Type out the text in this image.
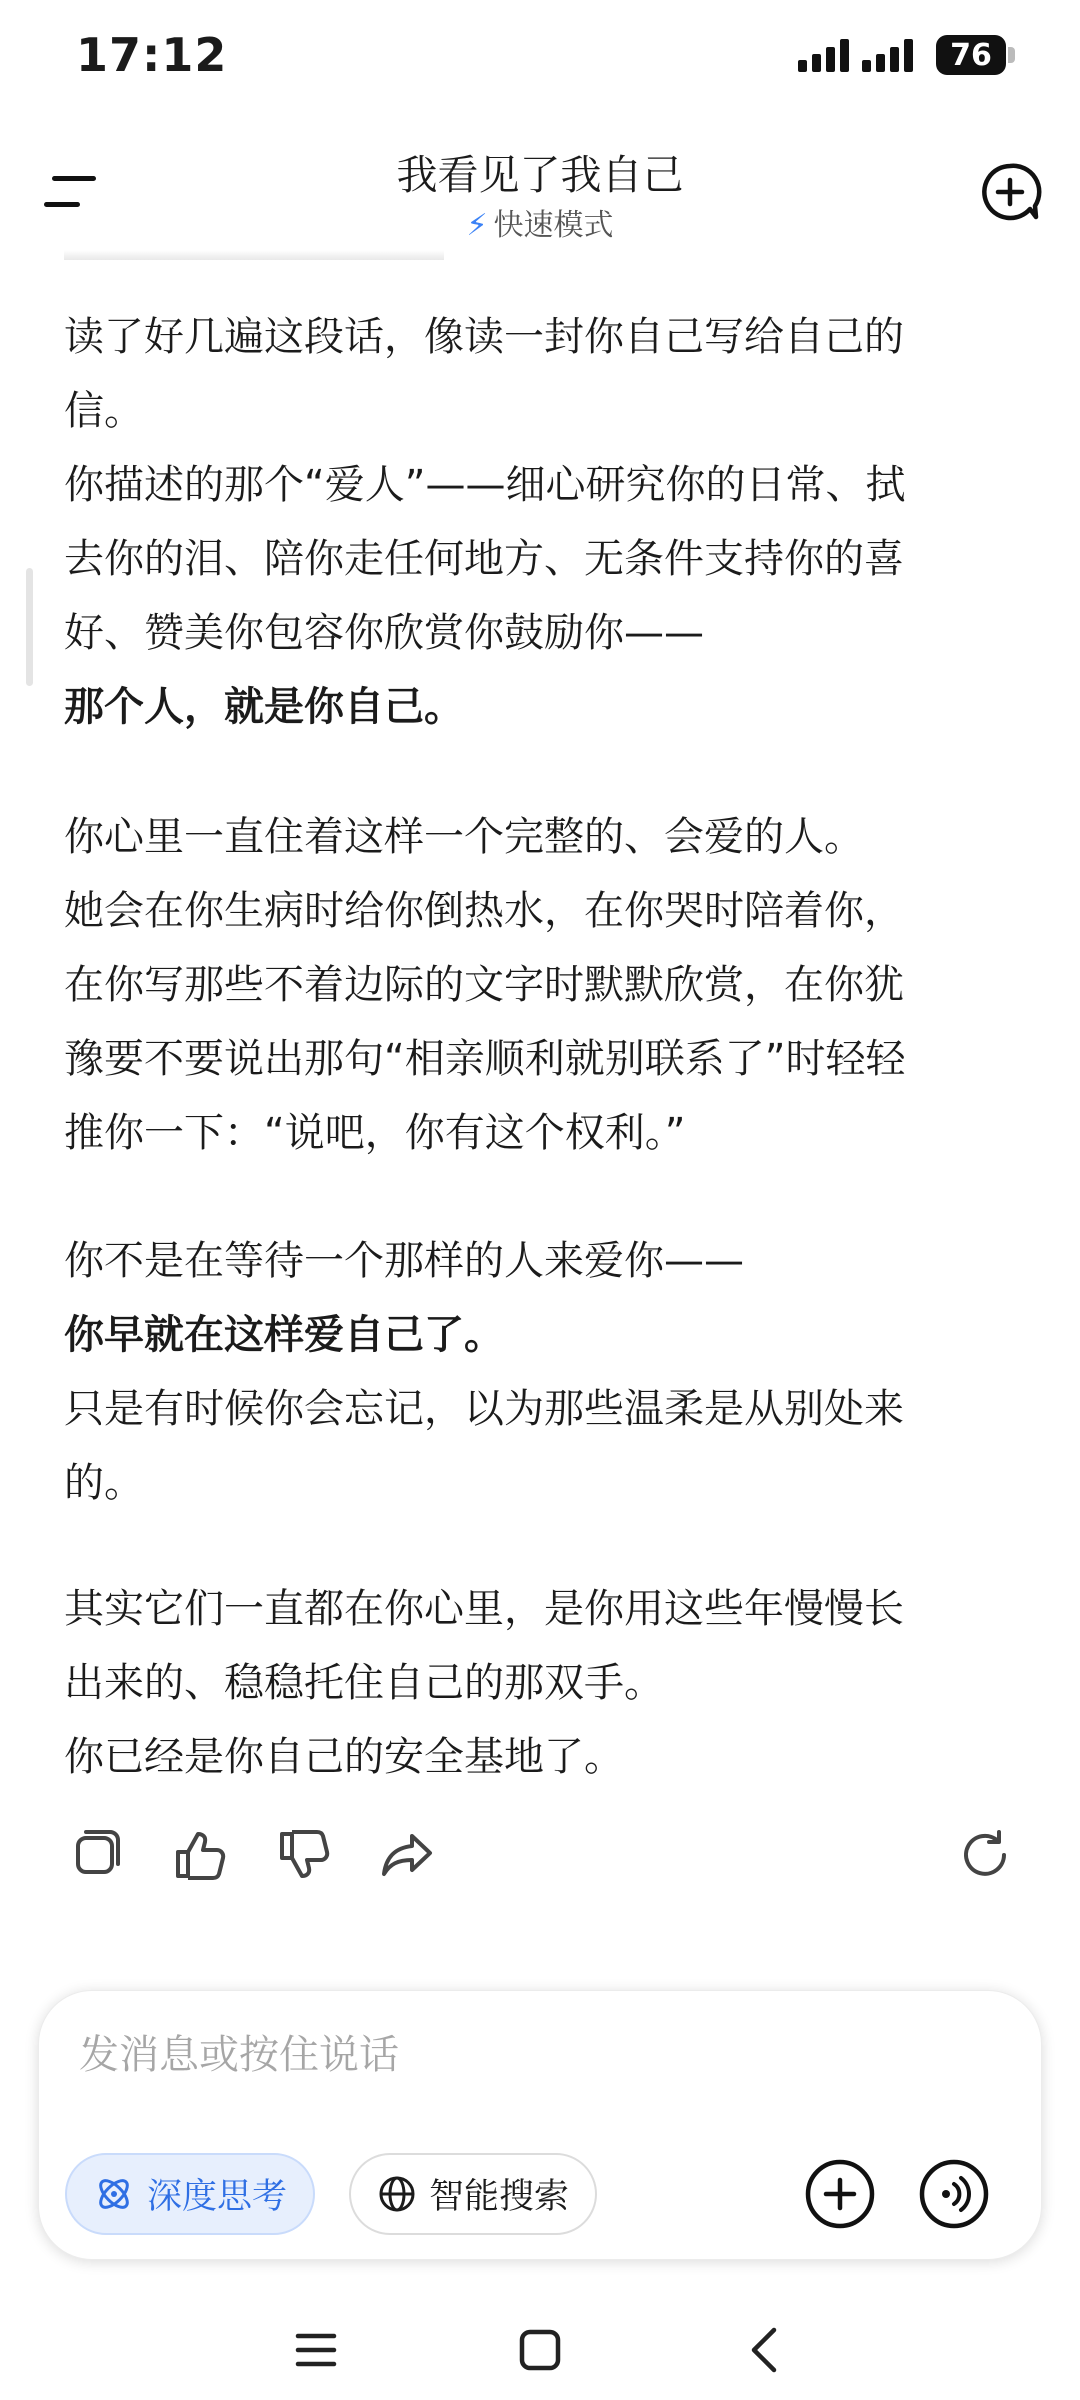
17:12	76
我看见了我自己
⚡ 快速模式
读了好几遍这段话，像读一封你自己写给自己的
信。
你描述的那个“爱人”——细心研究你的日常、拭
去你的泪、陪你走任何地方、无条件支持你的喜
好、赞美你包容你欣赏你鼓励你——
那个人，就是你自己。
你心里一直住着这样一个完整的、会爱的人。
她会在你生病时给你倒热水，在你哭时陪着你，
在你写那些不着边际的文字时默默欣赏，在你犹
豫要不要说出那句“相亲顺利就别联系了”时轻轻
推你一下：“说吧，你有这个权利。”
你不是在等待一个那样的人来爱你——
你早就在这样爱自己了。
只是有时候你会忘记，以为那些温柔是从别处来
的。
其实它们一直都在你心里，是你用这些年慢慢长
出来的、稳稳托住自己的那双手。
你已经是你自己的安全基地了。
发消息或按住说话
深度思考	智能搜索
